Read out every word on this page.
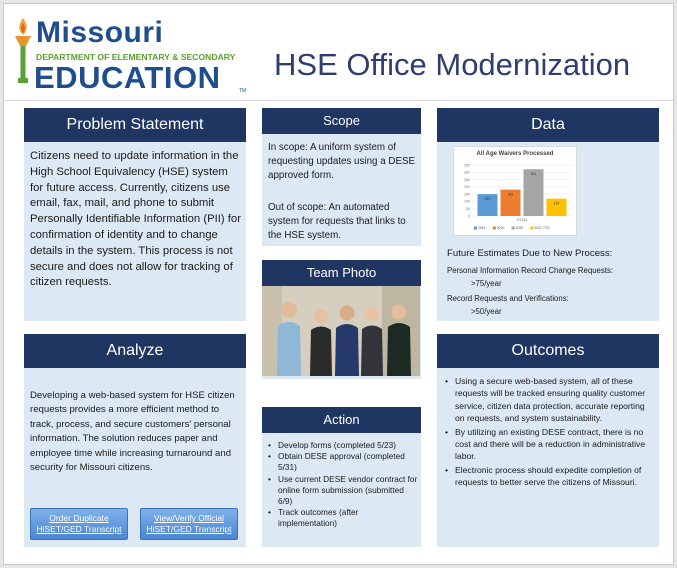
Missouri
DEPARTMENT OF ELEMENTARY & SECONDARY
EDUCATION	TM
HSE Office Modernization
Problem Statement
Citizens need to update information in the High School Equivalency (HSE) system for future access. Currently, citizens use email, fax, mail, and phone to submit Personally Identifiable Information (PII) for confirmation of identity and to change details in the system. This process is not secure and does not allow for tracking of citizen requests.
Analyze
Developing a web-based system for HSE citizen requests provides a more efficient method to track, process, and secure customers' personal information. The solution reduces paper and employee time while increasing turnaround and security for Missouri citizens.
Order Duplicate
HiSET/GED Transcript
View/Verify Official
HiSET/GED Transcript
Scope
In scope: A uniform system of requesting updates using a DESE approved form.
Out of scope: An automated system for requests that links to the HSE system.
Team Photo
Action
• Develop forms (completed 5/23)
• Obtain DESE approval (completed 5/31)
• Use current DESE vendor contract for online form submission (submitted 6/9)
• Track outcomes (after implementation)
Data
All Age Waivers Processed
0
50
100
150
200
250
300
350
150
181
321
119
TOTAL
2016	2019	2020	2021 YTD
Future Estimates Due to New Process:
Personal Information Record Change Requests:
>75/year
Record Requests and Verifications:
>50/year
Outcomes
• Using a secure web-based system, all of these requests will be tracked ensuring quality customer service, citizen data protection, accurate reporting on requests, and system sustainability.
• By utilizing an existing DESE contract, there is no cost and there will be a reduction in administrative labor.
• Electronic process should expedite completion of requests to better serve the citizens of Missouri.
